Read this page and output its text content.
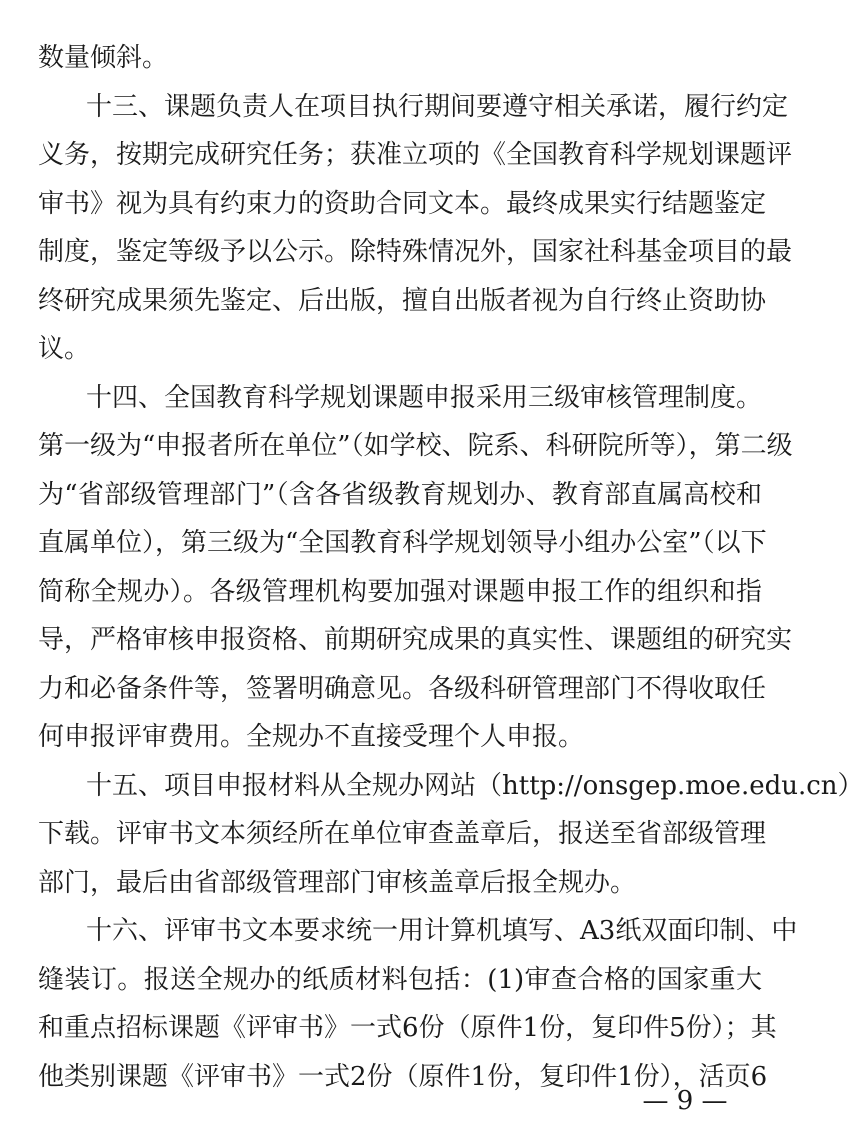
数量倾斜。
十三、课题负责人在项目执行期间要遵守相关承诺，履行约定
义务，按期完成研究任务；获准立项的《全国教育科学规划课题评
审书》视为具有约束力的资助合同文本。最终成果实行结题鉴定
制度，鉴定等级予以公示。除特殊情况外，国家社科基金项目的最
终研究成果须先鉴定、后出版，擅自出版者视为自行终止资助协
议。
十四、全国教育科学规划课题申报采用三级审核管理制度。
第一级为“申报者所在单位”（如学校、院系、科研院所等），第二级
为“省部级管理部门”（含各省级教育规划办、教育部直属高校和
直属单位），第三级为“全国教育科学规划领导小组办公室”（以下
简称全规办）。各级管理机构要加强对课题申报工作的组织和指
导，严格审核申报资格、前期研究成果的真实性、课题组的研究实
力和必备条件等，签署明确意见。各级科研管理部门不得收取任
何申报评审费用。全规办不直接受理个人申报。
十五、项目申报材料从全规办网站（http://onsgep.moe.edu.cn）
下载。评审书文本须经所在单位审查盖章后，报送至省部级管理
部门，最后由省部级管理部门审核盖章后报全规办。
十六、评审书文本要求统一用计算机填写、A3纸双面印制、中
缝装订。报送全规办的纸质材料包括：(1)审查合格的国家重大
和重点招标课题《评审书》一式6份（原件1份，复印件5份）；其
他类别课题《评审书》一式2份（原件1份，复印件1份），活页6
— 9 —
